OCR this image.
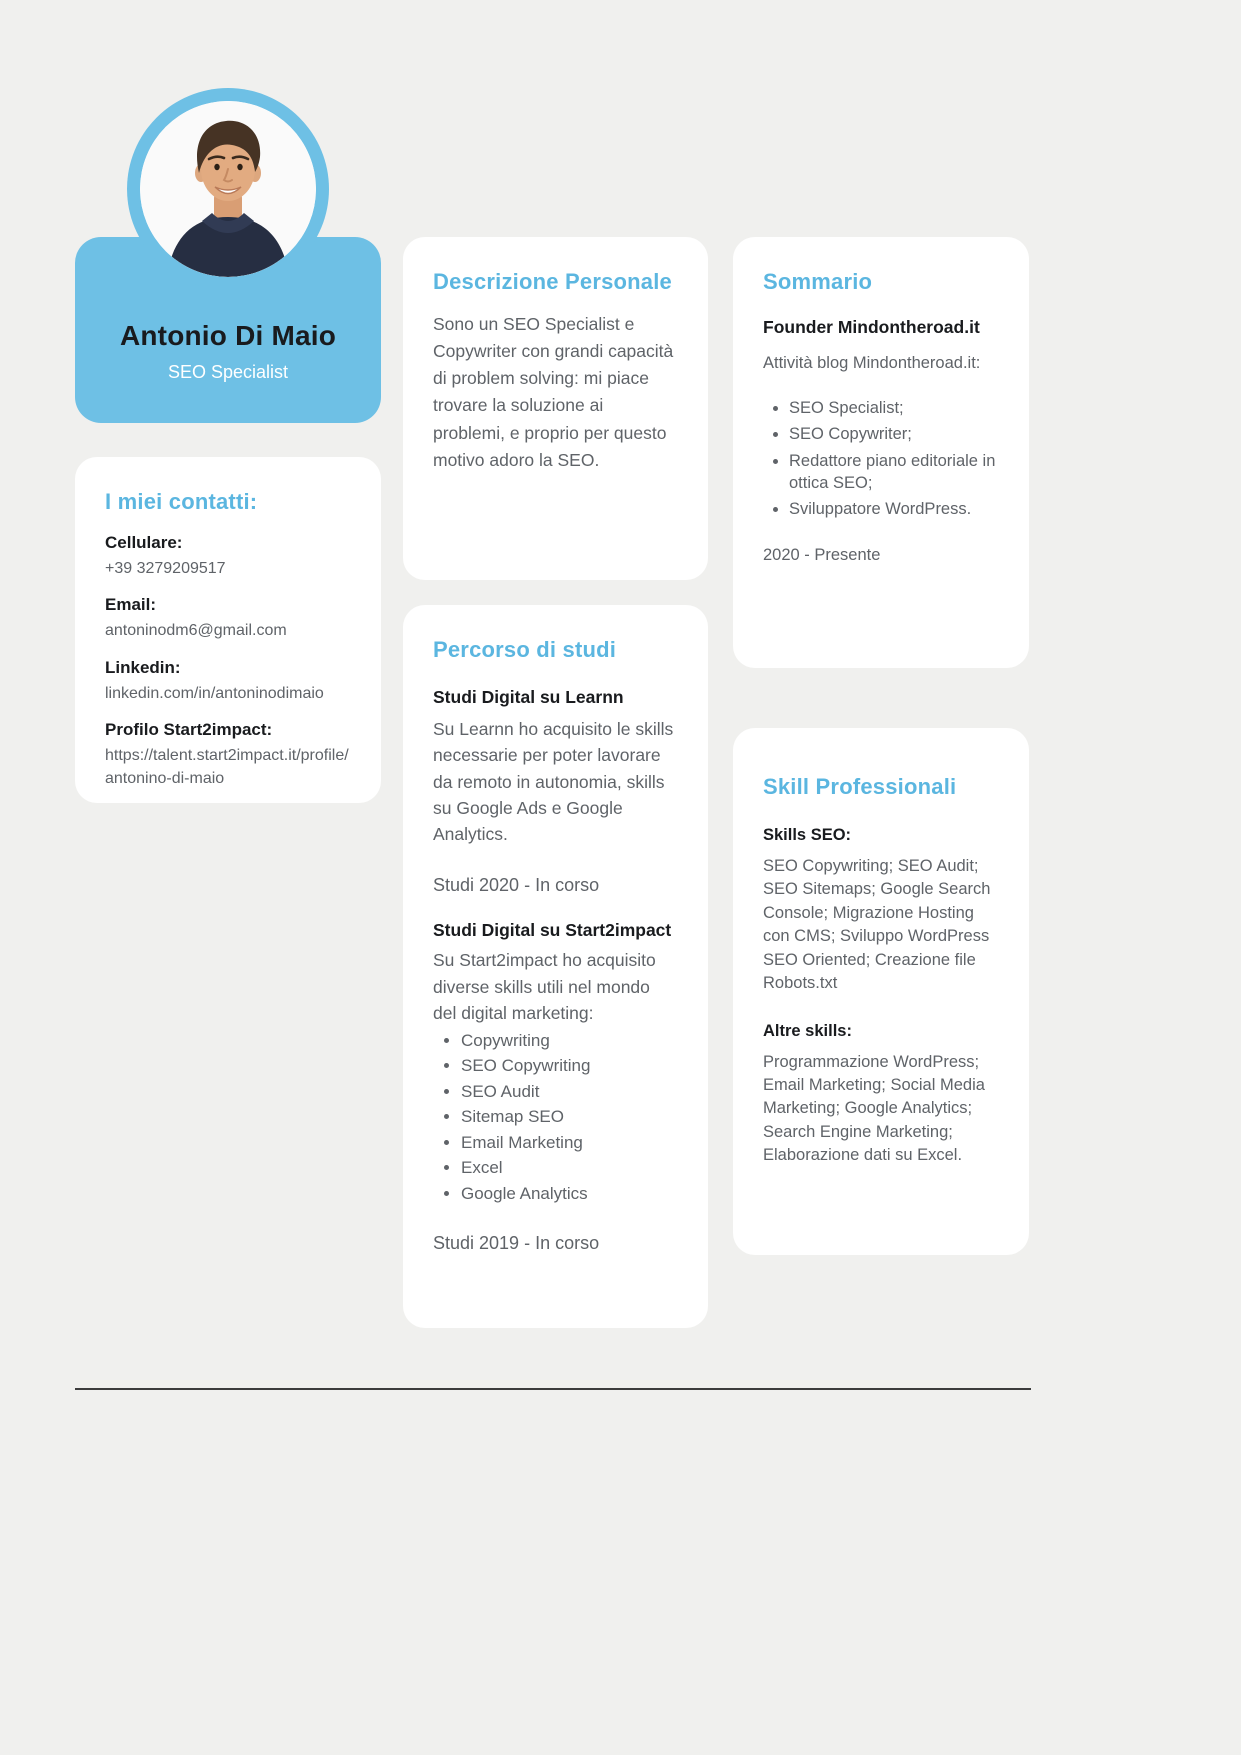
Antonio Di Maio
SEO Specialist
I miei contatti:
Cellulare:
+39 3279209517
Email:
antoninodm6@gmail.com
Linkedin:
linkedin.com/in/antoninodimaio
Profilo Start2impact:
https://talent.start2impact.it/profile/antonino-di-maio
Descrizione Personale

Sono un SEO Specialist e Copywriter con grandi capacità di problem solving: mi piace trovare la soluzione ai problemi, e proprio per questo motivo adoro la SEO.

Percorso di studi
Studi Digital su Learnn

Su Learnn ho acquisito le skills necessarie per poter lavorare da remoto in autonomia, skills su Google Ads e Google Analytics.

Studi 2020 - In corso
Studi Digital su Start2impact

Su Start2impact ho acquisito diverse skills utili nel mondo del digital marketing:

• Copywriting
• SEO Copywriting
• SEO Audit
• Sitemap SEO
• Email Marketing
• Excel
• Google Analytics
Studi 2019 - In corso
Sommario
Founder Mindontheroad.it
Attività blog Mindontheroad.it:
• SEO Specialist;
• SEO Copywriter;
• Redattore piano editoriale in ottica SEO;
• Sviluppatore WordPress.
2020 - Presente
Skill Professionali
Skills SEO:

SEO Copywriting; SEO Audit; SEO Sitemaps; Google Search Console; Migrazione Hosting con CMS; Sviluppo WordPress SEO Oriented; Creazione file Robots.txt

Altre skills:

Programmazione WordPress; Email Marketing; Social Media Marketing; Google Analytics; Search Engine Marketing; Elaborazione dati su Excel.
